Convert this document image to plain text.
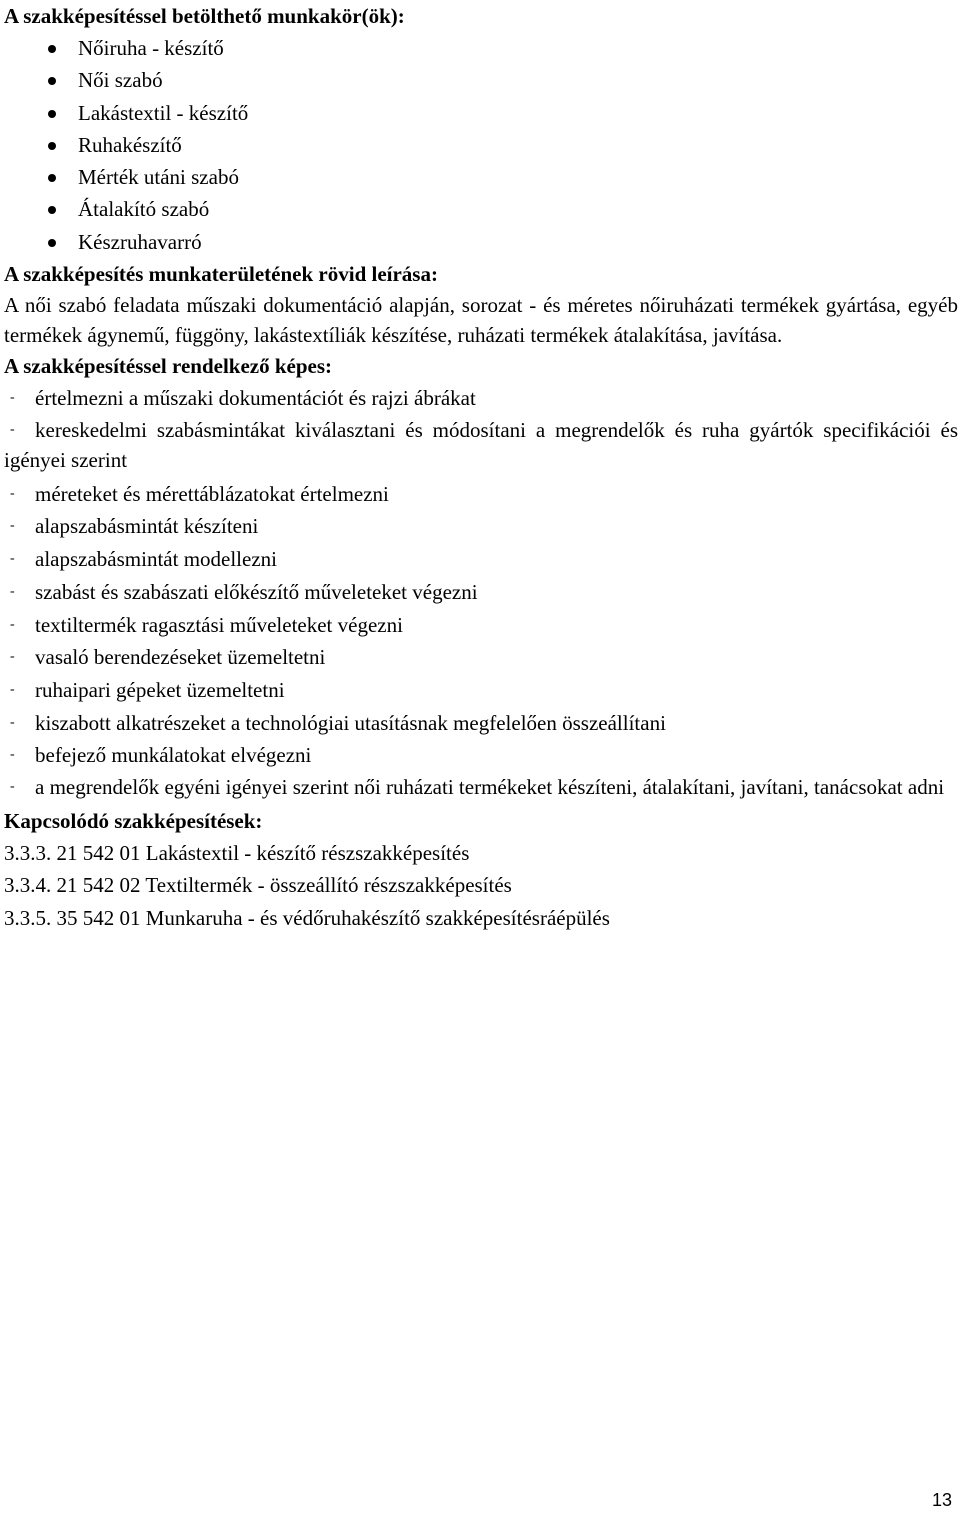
A szakképesítéssel betölthető munkakör(ök):
Nőiruha ‐ készítő
Női szabó
Lakástextil ‐ készítő
Ruhakészítő
Mérték utáni szabó
Átalakító szabó
Készruhavarró
A szakképesítés munkaterületének rövid leírása:
A női szabó feladata műszaki dokumentáció alapján, sorozat ‐ és méretes nőiruházati termékek gyártása, egyéb termékek ágynemű, függöny, lakástextíliák készítése, ruházati termékek átalakítása, javítása.
A szakképesítéssel rendelkező képes:
‐ értelmezni a műszaki dokumentációt és rajzi ábrákat
‐ kereskedelmi szabásmintákat kiválasztani és módosítani a megrendelők és ruha gyártók specifikációi és igényei szerint
‐ méreteket és mérettáblázatokat értelmezni
‐ alapszabásmintát készíteni
‐ alapszabásmintát modellezni
‐ szabást és szabászati előkészítő műveleteket végezni
‐ textiltermék ragasztási műveleteket végezni
‐ vasaló berendezéseket üzemeltetni
‐ ruhaipari gépeket üzemeltetni
‐ kiszabott alkatrészeket a technológiai utasításnak megfelelően összeállítani
‐ befejező munkálatokat elvégezni
‐ a megrendelők egyéni igényei szerint női ruházati termékeket készíteni, átalakítani, javítani, tanácsokat adni
Kapcsolódó szakképesítések:
3.3.3. 21 542 01 Lakástextil ‐ készítő részszakképesítés
3.3.4. 21 542 02 Textiltermék ‐ összeállító részszakképesítés
3.3.5. 35 542 01 Munkaruha ‐ és védőruhakészítő szakképesítésráépülés
13
